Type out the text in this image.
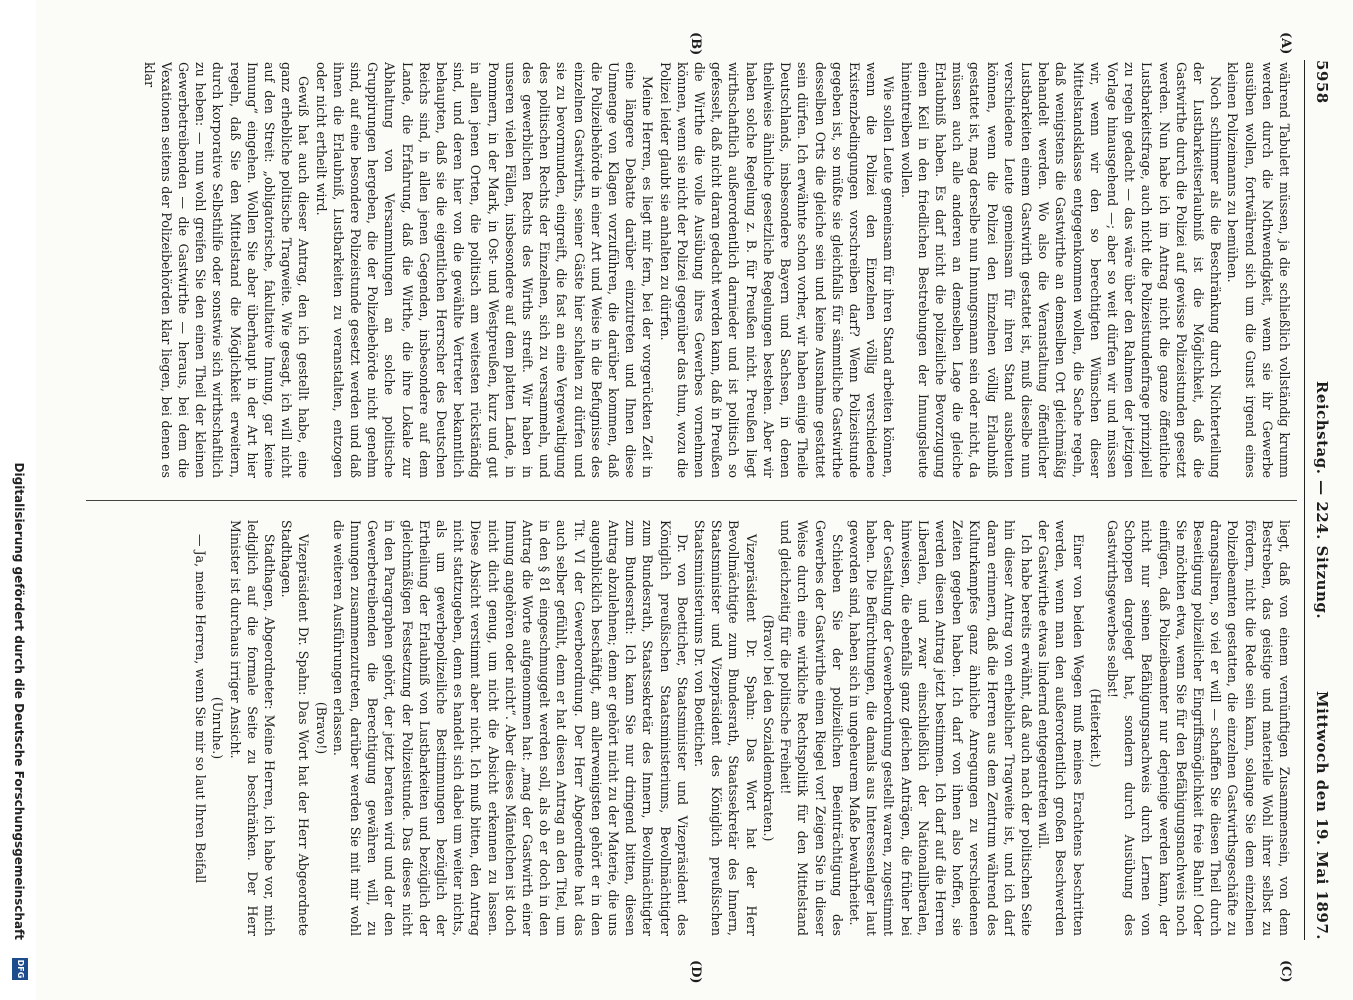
5958
Reichstag. — 224. Sitzung.
Mittwoch den 19. Mai 1897.
(A)
(B)
(C)
(D)

während Tabulett müssen, ja die schließlich vollständig krumm werden durch die Nothwendigkeit, wenn sie ihr Gewerbe ausüben wollen, fortwährend sich um die Gunst irgend eines kleinen Polizeimanns zu bemühen.

Noch schlimmer als die Beschränkung durch Nichterteilung der Lustbarkeitserlaubniß ist die Möglichkeit, daß die Gastwirthe durch die Polizei auf gewisse Polizeistunden gesetzt werden. Nun habe ich im Antrag nicht die ganze öffentliche Lustbarkeitsfrage, auch nicht die Polizeistundenfrage prinzipiell zu regeln gedacht — das wäre über den Rahmen der jetzigen Vorlage hinausgehend —; aber so weit dürfen wir und müssen wir, wenn wir den so berechtigten Wünschen dieser Mittelstandsklasse entgegenkommen wollen, die Sache regeln, daß wenigstens die Gastwirthe an demselben Ort gleichmäßig behandelt werden. Wo also die Veranstaltung öffentlicher Lustbarkeiten einem Gastwirth gestattet ist, muß dieselbe nun verschiedene Leute gemeinsam für ihren Stand ausbeuten können, wenn die Polizei den Einzelnen völlig Erlaubniß gestattet ist, mag derselbe nun Innungsmann sein oder nicht, da müssen auch alle anderen an demselben Lage die gleiche Erlaubniß haben. Es darf nicht die polizeiliche Bevorzugung einen Keil in den friedlichen Bestrebungen der Innungsleute hineintreiben wollen.

Wie sollen Leute gemeinsam für ihren Stand arbeiten können, wenn die Polizei den Einzelnen völlig verschiedene Existenzbedingungen vorschreiben darf? Wenn Polizeistunde gegeben ist, so müßte sie gleichfalls für sämmtliche Gastwirthe desselben Orts die gleiche sein und keine Ausnahme gestattet sein dürfen. Ich erwähnte schon vorher, wir haben einige Theile Deutschlands, insbesondere Bayern und Sachsen, in denen theilweise ähnliche gesetzliche Regelungen bestehen. Aber wir haben solche Regelung z. B. für Preußen nicht. Preußen liegt wirthschaftlich außerordentlich darnieder und ist politisch so gefesselt, daß nicht daran gedacht werden kann, daß in Preußen die Wirthe die volle Ausübung ihres Gewerbes vornehmen können, wenn sie nicht der Polizei gegenüber das thun, wozu die Polizei leider glaubt sie anhalten zu dürfen.

Meine Herren, es liegt mir fern, bei der vorgerückten Zeit in eine längere Debatte darüber einzutreten und Ihnen diese Unmenge von Klagen vorzuführen, die darüber kommen, daß die Polizeibehörde in einer Art und Weise in die Befugnisse des einzelnen Gastwirths, seiner Gäste hier schalten zu dürfen und sie zu bevormunden, eingreift, die fast an eine Vergewaltigung des politischen Rechts der Einzelnen, sich zu versammeln, und des gewerblichen Rechts des Wirths streift. Wir haben in unseren vielen Fällen, insbesondere auf dem platten Lande, in Pommern, in der Mark, in Ost- und Westpreußen, kurz und gut in allen jenen Orten, die politisch am weitesten rückständig sind, und deren hier von die gewählte Vertreter bekanntlich behaupten, daß sie die eigentlichen Herrscher des Deutschen Reichs sind, in allen jenen Gegenden, insbesondere auf dem Lande, die Erfahrung, daß die Wirthe, die ihre Lokale zur Abhaltung von Versammlungen an solche politische Gruppirungen hergeben, die der Polizeibehörde nicht genehm sind, auf eine besondere Polizeistunde gesetzt werden und daß ihnen die Erlaubniß, Lustbarkeiten zu veranstalten, entzogen oder nicht ertheilt wird.

Gewiß hat auch dieser Antrag, den ich gestellt habe, eine ganz erhebliche politische Tragweite. Wie gesagt, ich will nicht auf den Streit: „obligatorische, fakultative Innung, gar keine Innung“ eingehen. Wollen Sie aber überhaupt in der Art hier regeln, daß Sie den Mittelstand die Möglichkeit erweitern, durch korporative Selbsthilfe oder sonstwie sich wirthschaftlich zu heben: — nun wohl greifen Sie den einen Theil der kleinen Gewerbetreibenden — die Gastwirthe — heraus, bei dem die Vexationen seitens der Polizeibehörden klar liegen, bei denen es klar

liegt, daß von einem vernünftigen Zusammensein, von dem Bestreben, das geistige und materielle Wohl ihrer selbst zu fördern, nicht die Rede sein kann, solange Sie dem einzelnen Polizeibeamten gestatten, die einzelnen Gastwirthsgeschäfte zu drangsaliren, so viel er will — schaffen Sie diesen Theil durch Beseitigung polizeilicher Eingriffsmöglichkeit freie Bahn! Oder Sie möchten etwa, wenn Sie für den Befähigungsnachweis noch einfügen, daß Polizeibeamter nur derjenige werden kann, der nicht nur seinen Befähigungsnachweis durch Lernen von Schoppen dargelegt hat, sondern durch Ausübung des Gastwirthsgewerbes selbst!

(Heiterkeit.)

Einer von beiden Wegen muß meines Erachtens beschritten werden, wenn man den außerordentlich großen Beschwerden der Gastwirthe etwas lindernd entgegentreten will.

Ich habe bereits erwähnt, daß auch nach der politischen Seite hin dieser Antrag von erheblicher Tragweite ist, und ich darf daran erinnern, daß die Herren aus dem Zentrum während des Kulturkampfes ganz ähnliche Anregungen zu verschiedenen Zeiten gegeben haben. Ich darf von ihnen also hoffen, sie werden diesen Antrag jetzt bestimmen. Ich darf auf die Herren Liberalen, und zwar einschließlich der Nationalliberalen, hinweisen, die ebenfalls ganz gleichen Anträgen, die früher bei der Gestaltung der Gewerbeordnung gestellt waren, zugestimmt haben. Die Befürchtungen, die damals aus Interessenlager laut geworden sind, haben sich in ungeheurem Maße bewahrheitet.

Schieben Sie der polizeilichen Beeinträchtigung des Gewerbes der Gastwirthe einen Riegel vor! Zeigen Sie in dieser Weise durch eine wirkliche Rechtspolitik für den Mittelstand und gleichzeitig für die politische Freiheit!

(Bravo! bei den Sozialdemokraten.)

Vizepräsident Dr. Spahn: Das Wort hat der Herr Bevollmächtigte zum Bundesrath, Staatssekretär des Innern, Staatsminister und Vizepräsident des Königlich preußischen Staatsministeriums Dr. von Boetticher.

Dr. von Boetticher, Staatsminister und Vizepräsident des Königlich preußischen Staatsministeriums, Bevollmächtigter zum Bundesrath, Staatssekretär des Innern, Bevollmächtigter zum Bundesrath: Ich kann Sie nur dringend bitten, diesen Antrag abzulehnen; denn er gehört nicht zu der Materie, die uns augenblicklich beschäftigt, am allerwenigsten gehört er in den Tit. VI der Gewerbeordnung. Der Herr Abgeordnete hat das auch selber gefühlt, denn er hat diesen Antrag an den Titel, um in den § 81 eingeschmuggelt werden soll, als ob er doch in den Antrag die Worte aufgenommen hat: „mag der Gastwirth einer Innung angehören oder nicht“. Aber dieses Mäntelchen ist doch nicht dicht genug, um nicht die Absicht erkennen zu lassen. Diese Absicht verstimmt aber nicht. Ich muß bitten, den Antrag nicht stattzugeben, denn es handelt sich dabei um weiter nichts, als um gewerbepolizeiliche Bestimmungen bezüglich der Ertheilung der Erlaubniß von Lustbarkeiten und bezüglich der gleichmäßigen Festsetzung der Polizeistunde. Das dieses nicht in den Paragraphen gehört, der jetzt beraten wird und der den Gewerbetreibenden die Berechtigung gewähren will, zu Innungen zusammenzutreten, darüber werden Sie mit mir wohl die weiteren Ausführungen erlassen.

(Bravo!)

Vizepräsident Dr. Spahn: Das Wort hat der Herr Abgeordnete Stadthagen.

Stadthagen, Abgeordneter: Meine Herren, ich habe vor, mich lediglich auf die formale Seite zu beschränken. Der Herr Minister ist durchaus irriger Ansicht.

(Unruhe.)

— Ja, meine Herren, wenn Sie mir so laut Ihren Beifall

Digitalisierung gefördert durch die Deutsche Forschungsgemeinschaft
DFG
